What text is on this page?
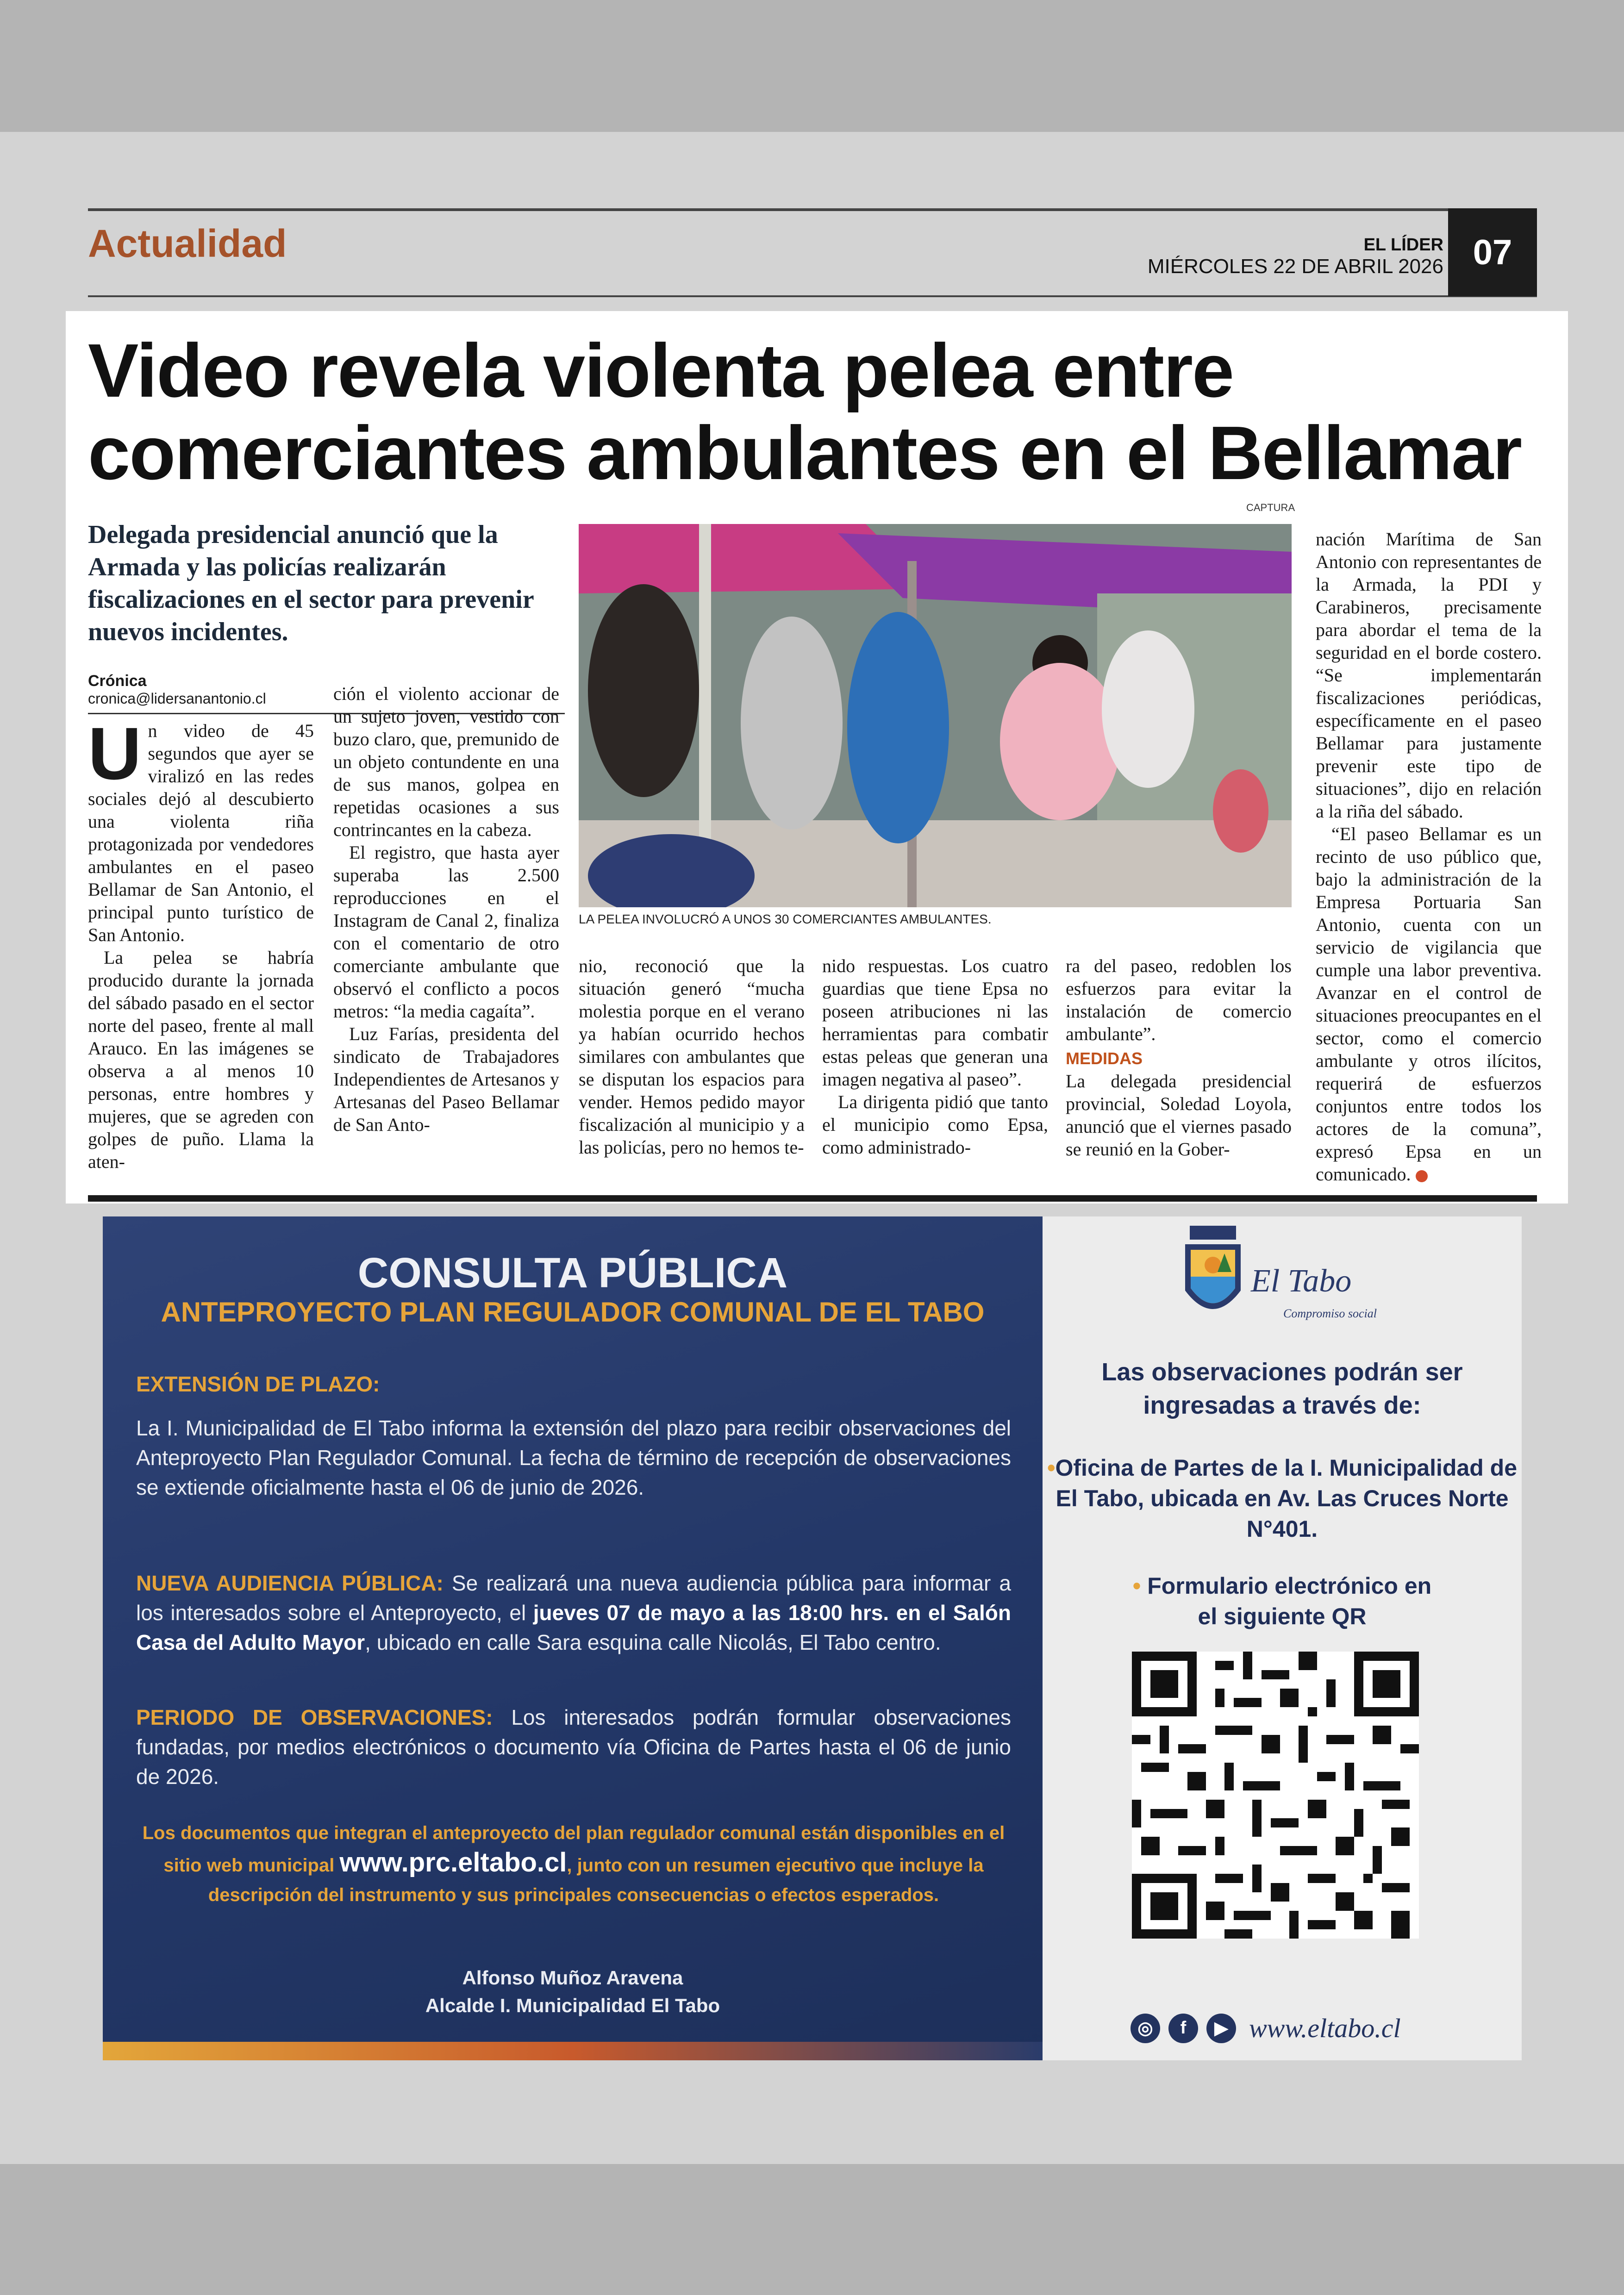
Actualidad	EL LÍDER
MIÉRCOLES 22 DE ABRIL 2026 07
Video revela violenta pelea entre comerciantes ambulantes en el Bellamar
CAPTURA
Delegada presidencial anunció que la Armada y las policías realizarán fiscalizaciones en el sector para prevenir nuevos incidentes.
Crónica
cronica@lidersanantonio.cl

Un video de 45 segundos que ayer se viralizó en las redes sociales dejó al descubierto una violenta riña protagonizada por vendedores ambulantes en el paseo Bellamar de San Antonio, el principal punto turístico de San Antonio.

La pelea se habría producido durante la jornada del sábado pasado en el sector norte del paseo, frente al mall Arauco. En las imágenes se observa a al menos 10 personas, entre hombres y mujeres, que se agreden con golpes de puño. Llama la aten-

ción el violento accionar de un sujeto joven, vestido con buzo claro, que, premunido de un objeto contundente en una de sus manos, golpea en repetidas ocasiones a sus contrincantes en la cabeza.

El registro, que hasta ayer superaba las 2.500 reproducciones en el Instagram de Canal 2, finaliza con el comentario de otro comerciante ambulante que observó el conflicto a pocos metros: “la media cagaíta”.

Luz Farías, presidenta del sindicato de Trabajadores Independientes de Artesanos y Artesanas del Paseo Bellamar de San Anto-

LA PELEA INVOLUCRÓ A UNOS 30 COMERCIANTES AMBULANTES.

nio, reconoció que la situación generó “mucha molestia porque en el verano ya habían ocurrido hechos similares con ambulantes que se disputan los espacios para vender. Hemos pedido mayor fiscalización al municipio y a las policías, pero no hemos te-

nido respuestas. Los cuatro guardias que tiene Epsa no poseen atribuciones ni las herramientas para combatir estas peleas que generan una imagen negativa al paseo”.

La dirigenta pidió que tanto el municipio como Epsa, como administrado-

ra del paseo, redoblen los esfuerzos para evitar la instalación de comercio ambulante”.

MEDIDAS

La delegada presidencial provincial, Soledad Loyola, anunció que el viernes pasado se reunió en la Gober-

nación Marítima de San Antonio con representantes de la Armada, la PDI y Carabineros, precisamente para abordar el tema de la seguridad en el borde costero. “Se implementarán fiscalizaciones periódicas, específicamente en el paseo Bellamar para justamente prevenir este tipo de situaciones”, dijo en relación a la riña del sábado.

“El paseo Bellamar es un recinto de uso público que, bajo la administración de la Empresa Portuaria San Antonio, cuenta con un servicio de vigilancia que cumple una labor preventiva. Avanzar en el control de situaciones preocupantes en el sector, como el comercio ambulante y otros ilícitos, requerirá de esfuerzos conjuntos entre todos los actores de la comuna”, expresó Epsa en un comunicado.

CONSULTA PÚBLICA
ANTEPROYECTO PLAN REGULADOR COMUNAL DE EL TABO
EXTENSIÓN DE PLAZO:
La I. Municipalidad de El Tabo informa la extensión del plazo para recibir observaciones del Anteproyecto Plan Regulador Comunal. La fecha de término de recepción de observaciones se extiende oficialmente hasta el 06 de junio de 2026.
NUEVA AUDIENCIA PÚBLICA: Se realizará una nueva audiencia pública para informar a los interesados sobre el Anteproyecto, el jueves 07 de mayo a las 18:00 hrs. en el Salón Casa del Adulto Mayor, ubicado en calle Sara esquina calle Nicolás, El Tabo centro.
PERIODO DE OBSERVACIONES: Los interesados podrán formular observaciones fundadas, por medios electrónicos o documento vía Oficina de Partes hasta el 06 de junio de 2026.
Los documentos que integran el anteproyecto del plan regulador comunal están disponibles en el sitio web municipal www.prc.eltabo.cl, junto con un resumen ejecutivo que incluye la descripción del instrumento y sus principales consecuencias o efectos esperados.
Alfonso Muñoz Aravena
Alcalde I. Municipalidad El Tabo
El Tabo
Compromiso social
Las observaciones podrán ser ingresadas a través de:
•Oficina de Partes de la I. Municipalidad de El Tabo, ubicada en Av. Las Cruces Norte N°401.
• Formulario electrónico en el siguiente QR
◎	f	▶ www.eltabo.cl
